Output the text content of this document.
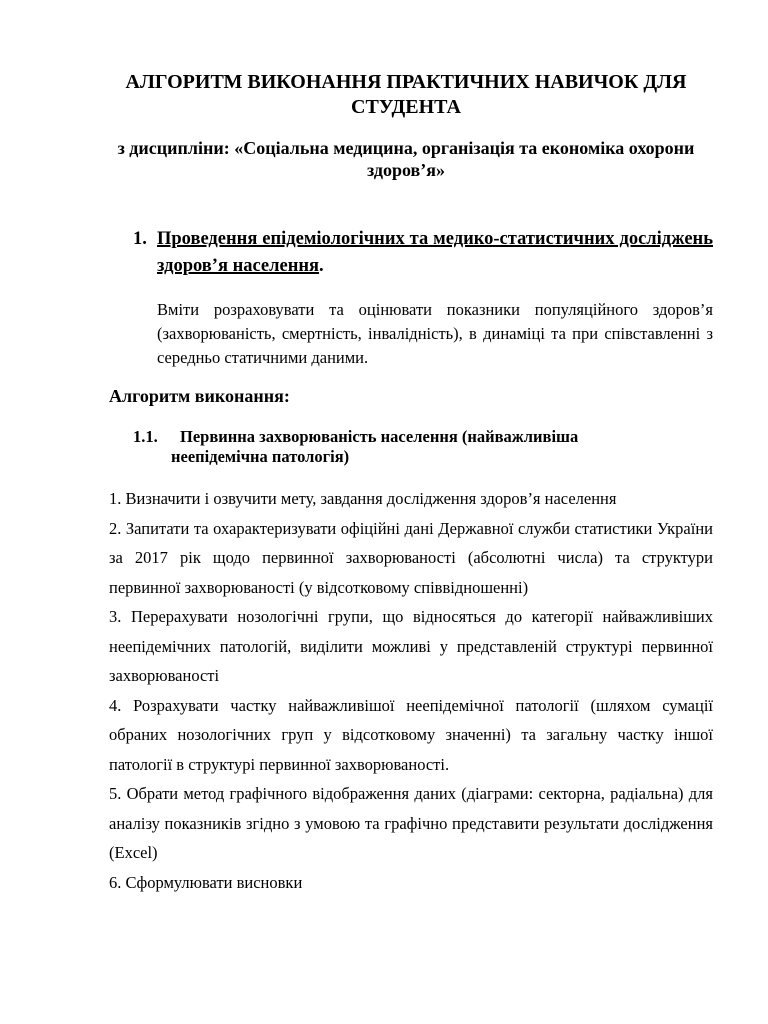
АЛГОРИТМ ВИКОНАННЯ ПРАКТИЧНИХ НАВИЧОК ДЛЯ СТУДЕНТА

з дисципліни: «Соціальна медицина, організація та економіка охорони здоров’я»

1. Проведення епідеміологічних та медико-статистичних досліджень здоров’я населення.

Вміти розраховувати та оцінювати показники популяційного здоров’я (захворюваність, смертність, інвалідність), в динаміці та при співставленні з середньо статичними даними.

Алгоритм виконання:
1.1.	Первинна захворюваність населення (найважливіша
неепідемічна патологія)
1. Визначити і озвучити мету, завдання дослідження здоров’я населення
2. Запитати та охарактеризувати офіційні дані Державної служби статистики України за 2017 рік щодо первинної захворюваності (абсолютні числа) та структури первинної захворюваності (у відсотковому співвідношенні)
3. Перерахувати нозологічні групи, що відносяться до категорії найважливіших неепідемічних патологій, виділити можливі у представленій структурі первинної захворюваності
4. Розрахувати частку найважливішої неепідемічної патології (шляхом сумації обраних нозологічних груп у відсотковому значенні) та загальну частку іншої патології в структурі первинної захворюваності.
5. Обрати метод графічного відображення даних (діаграми: секторна, радіальна) для аналізу показників згідно з умовою та графічно представити результати дослідження (Excel)
6. Сформулювати висновки
